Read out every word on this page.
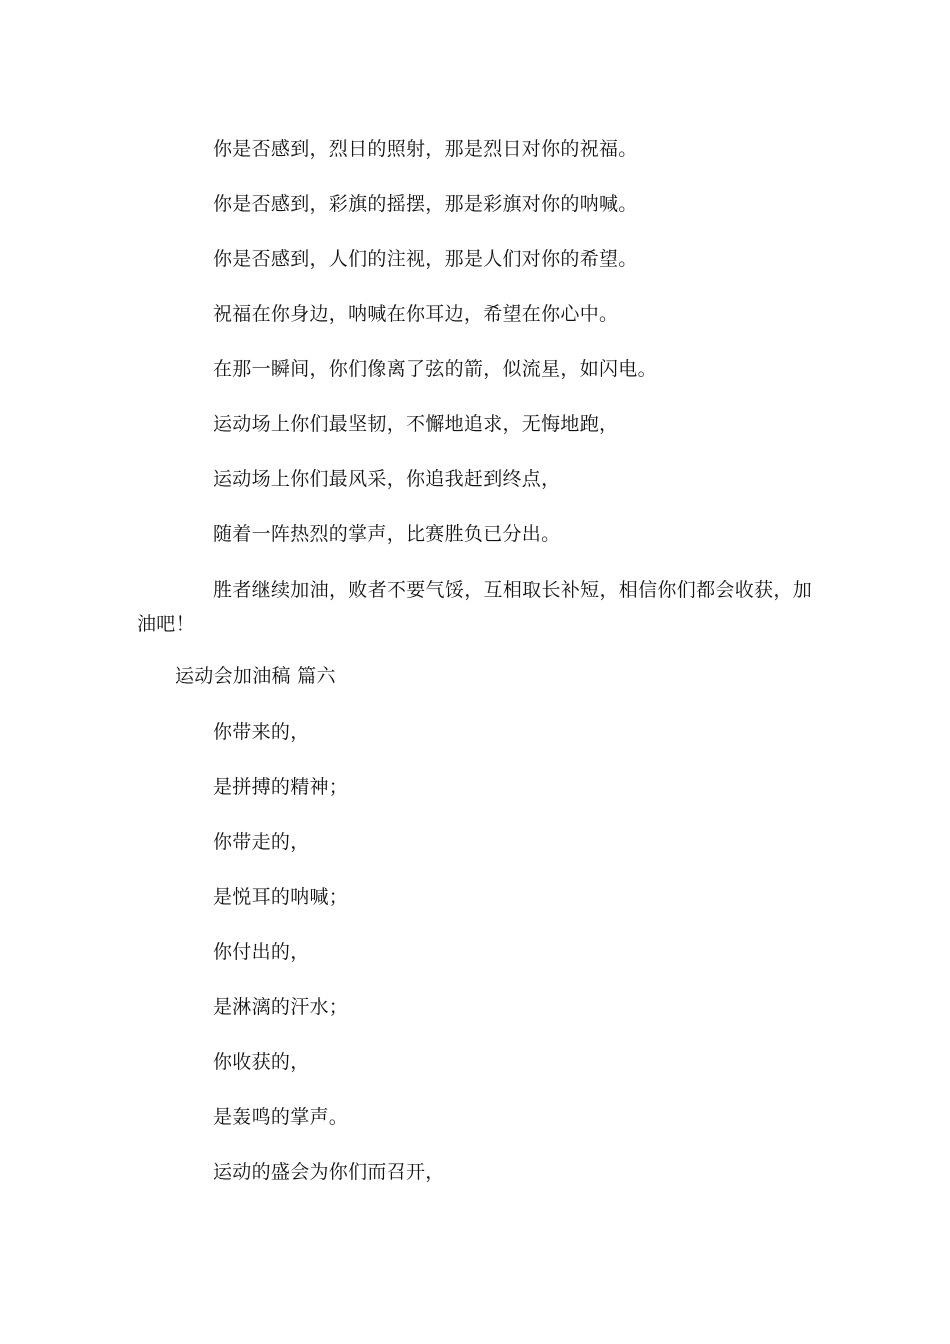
你是否感到，烈日的照射，那是烈日对你的祝福。
你是否感到，彩旗的摇摆，那是彩旗对你的呐喊。
你是否感到，人们的注视，那是人们对你的希望。
祝福在你身边，呐喊在你耳边，希望在你心中。
在那一瞬间，你们像离了弦的箭，似流星，如闪电。
运动场上你们最坚韧，不懈地追求，无悔地跑，
运动场上你们最风采，你追我赶到终点，
随着一阵热烈的掌声，比赛胜负已分出。
胜者继续加油，败者不要气馁，互相取长补短，相信你们都会收获，加油吧！
运动会加油稿 篇六
你带来的，
是拼搏的精神；
你带走的，
是悦耳的呐喊；
你付出的，
是淋漓的汗水；
你收获的，
是轰鸣的掌声。
运动的盛会为你们而召开，
